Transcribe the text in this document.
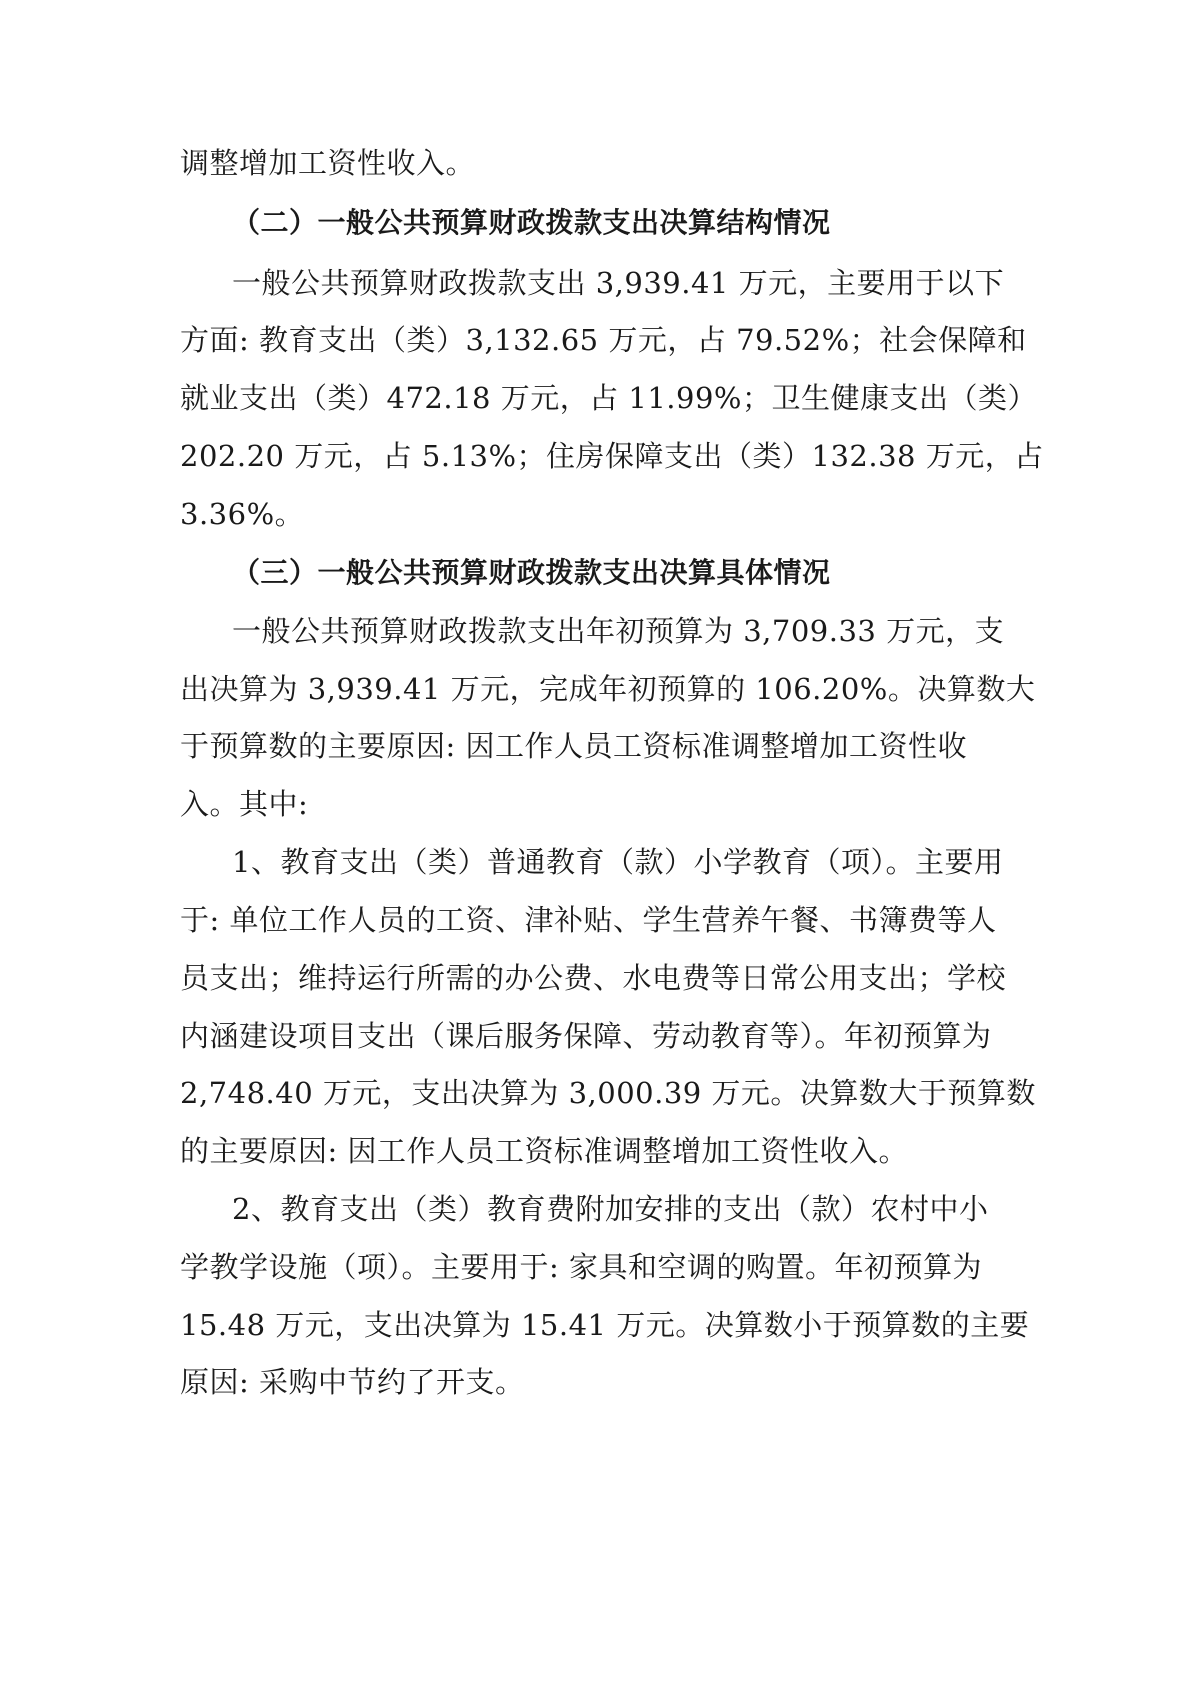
调整增加工资性收入。
（二）一般公共预算财政拨款支出决算结构情况
一般公共预算财政拨款支出 3,939.41 万元，主要用于以下
方面: 教育支出（类）3,132.65 万元，占 79.52%；社会保障和
就业支出（类）472.18 万元，占 11.99%；卫生健康支出（类）
202.20 万元，占 5.13%；住房保障支出（类）132.38 万元，占
3.36%。
（三）一般公共预算财政拨款支出决算具体情况
一般公共预算财政拨款支出年初预算为 3,709.33 万元，支
出决算为 3,939.41 万元，完成年初预算的 106.20%。决算数大
于预算数的主要原因: 因工作人员工资标准调整增加工资性收
入。其中:
1、教育支出（类）普通教育（款）小学教育（项）。主要用
于: 单位工作人员的工资、津补贴、学生营养午餐、书簿费等人
员支出；维持运行所需的办公费、水电费等日常公用支出；学校
内涵建设项目支出（课后服务保障、劳动教育等）。年初预算为
2,748.40 万元，支出决算为 3,000.39 万元。决算数大于预算数
的主要原因: 因工作人员工资标准调整增加工资性收入。
2、教育支出（类）教育费附加安排的支出（款）农村中小
学教学设施（项）。主要用于: 家具和空调的购置。年初预算为
15.48 万元，支出决算为 15.41 万元。决算数小于预算数的主要
原因: 采购中节约了开支。
